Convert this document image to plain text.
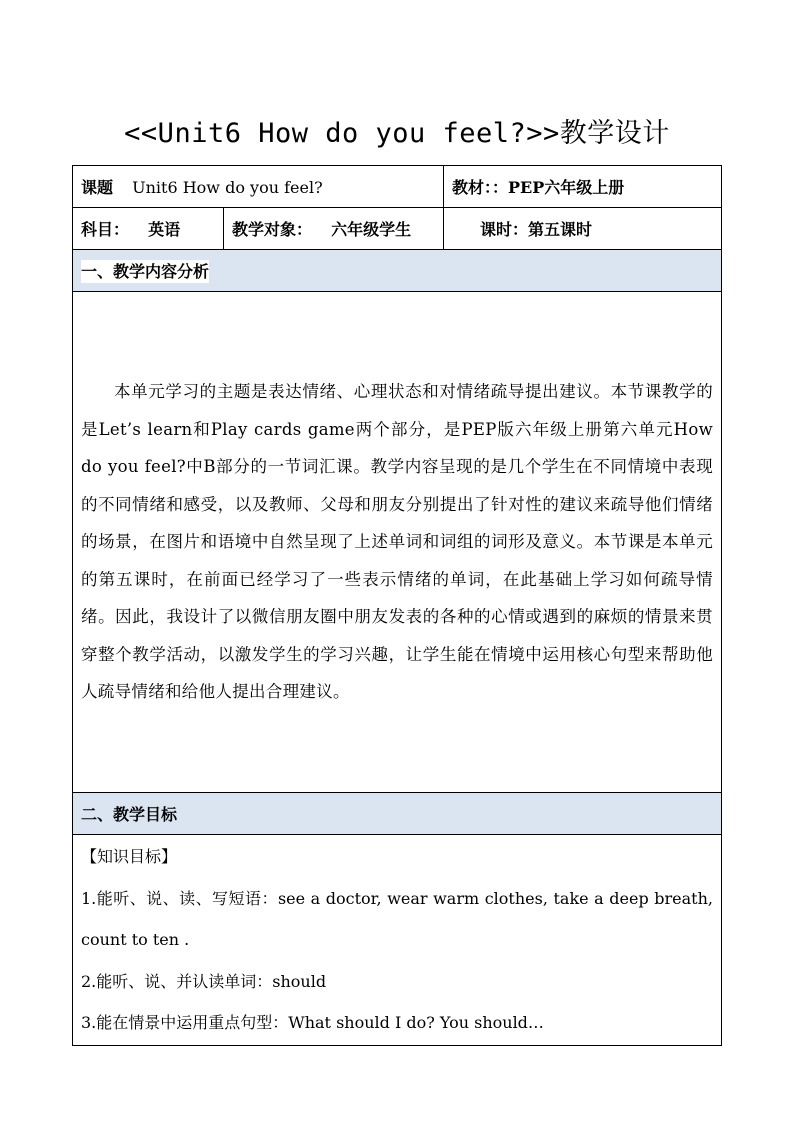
<<Unit6 How do you feel?>>教学设计
课题 Unit6 How do you feel?		教材：：PEP六年级上册
科目： 英语	教学对象： 六年级学生	课时：第五课时
一、教学内容分析		

本单元学习的主题是表达情绪、心理状态和对情绪疏导提出建议。本节课教学的是Let’s learn和Play cards game两个部分，是PEP版六年级上册第六单元How do you feel?中B部分的一节词汇课。教学内容呈现的是几个学生在不同情境中表现的不同情绪和感受，以及教师、父母和朋友分别提出了针对性的建议来疏导他们情绪的场景，在图片和语境中自然呈现了上述单词和词组的词形及意义。本节课是本单元的第五课时，在前面已经学习了一些表示情绪的单词，在此基础上学习如何疏导情绪。因此，我设计了以微信朋友圈中朋友发表的各种的心情或遇到的麻烦的情景来贯穿整个教学活动，以激发学生的学习兴趣，让学生能在情境中运用核心句型来帮助他人疏导情绪和给他人提出合理建议。		

二、教学目标		

【知识目标】
1.能听、说、读、写短语：see a doctor, wear warm clothes, take a deep breath, count to ten .
2.能听、说、并认读单词：should
3.能在情景中运用重点句型：What should I do? You should…		
